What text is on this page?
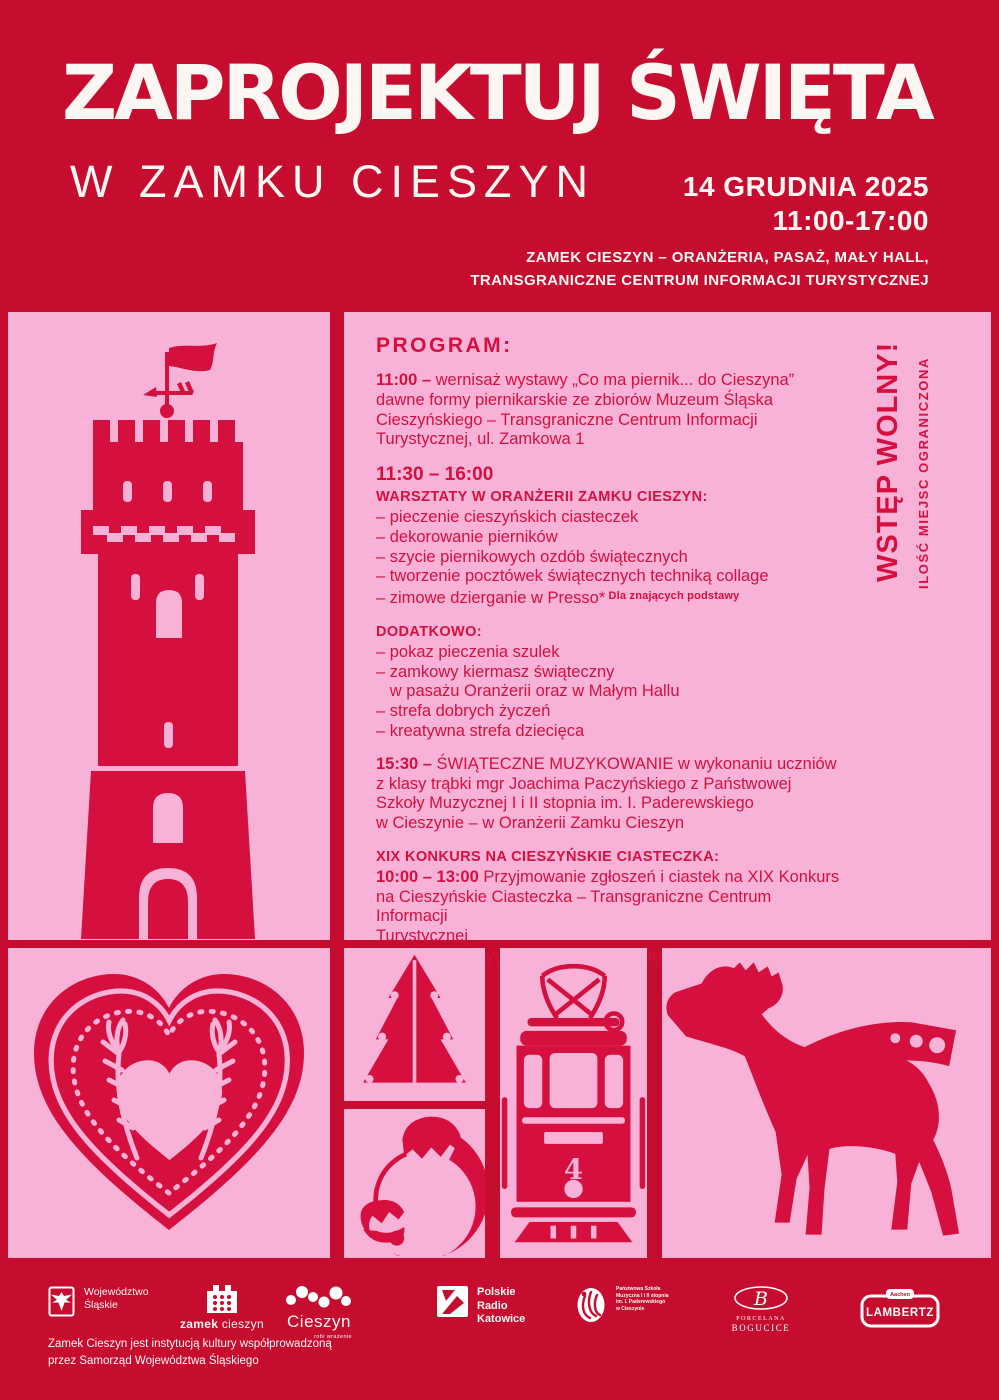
ZAPROJEKTUJ ŚWIĘTA
W ZAMKU CIESZYN	14 GRUDNIA 2025
11:00-17:00
ZAMEK CIESZYN – ORANŻERIA, PASAŻ, MAŁY HALL,
TRANSGRANICZNE CENTRUM INFORMACJI TURYSTYCZNEJ
PROGRAM:
11:00 – wernisaż wystawy „Co ma piernik... do Cieszyna”
dawne formy piernikarskie ze zbiorów Muzeum Śląska
Cieszyńskiego – Transgraniczne Centrum Informacji
Turystycznej, ul. Zamkowa 1
11:30 – 16:00
WARSZTATY W ORANŻERII ZAMKU CIESZYN:
– pieczenie cieszyńskich ciasteczek
– dekorowanie pierników
– szycie piernikowych ozdób świątecznych
– tworzenie pocztówek świątecznych techniką collage
– zimowe dzierganie w Presso* $^{Dla znających podstawy}$
DODATKOWO:
– pokaz pieczenia szulek
– zamkowy kiermasz świąteczny
w pasażu Oranżerii oraz w Małym Hallu
– strefa dobrych życzeń
– kreatywna strefa dziecięca
15:30 – ŚWIĄTECZNE MUZYKOWANIE w wykonaniu uczniów
z klasy trąbki mgr Joachima Paczyńskiego z Państwowej
Szkoły Muzycznej I i II stopnia im. I. Paderewskiego
w Cieszynie – w Oranżerii Zamku Cieszyn
XIX KONKURS NA CIESZYŃSKIE CIASTECZKA:
10:00 – 13:00 Przyjmowanie zgłoszeń i ciastek na XIX Konkurs
na Cieszyńskie Ciasteczka – Transgraniczne Centrum Informacji
Turystycznej
rozstrzygnięcie
WSTĘP WOLNY! ILOŚĆ MIEJSC OGRANICZONA
4
Województwo
Śląskie
zamek cieszyn Cieszyn
robi wrażenie
Polskie
Radio
Katowice
Państwowa Szkoła
Muzyczna I i II stopnia
im. I. Paderewskiego
w Cieszynie	B
PORCELANA
BOGUCICE
Aachen
LAMBERTZ
Zamek Cieszyn jest instytucją kultury współprowadzoną
przez Samorząd Województwa Śląskiego
